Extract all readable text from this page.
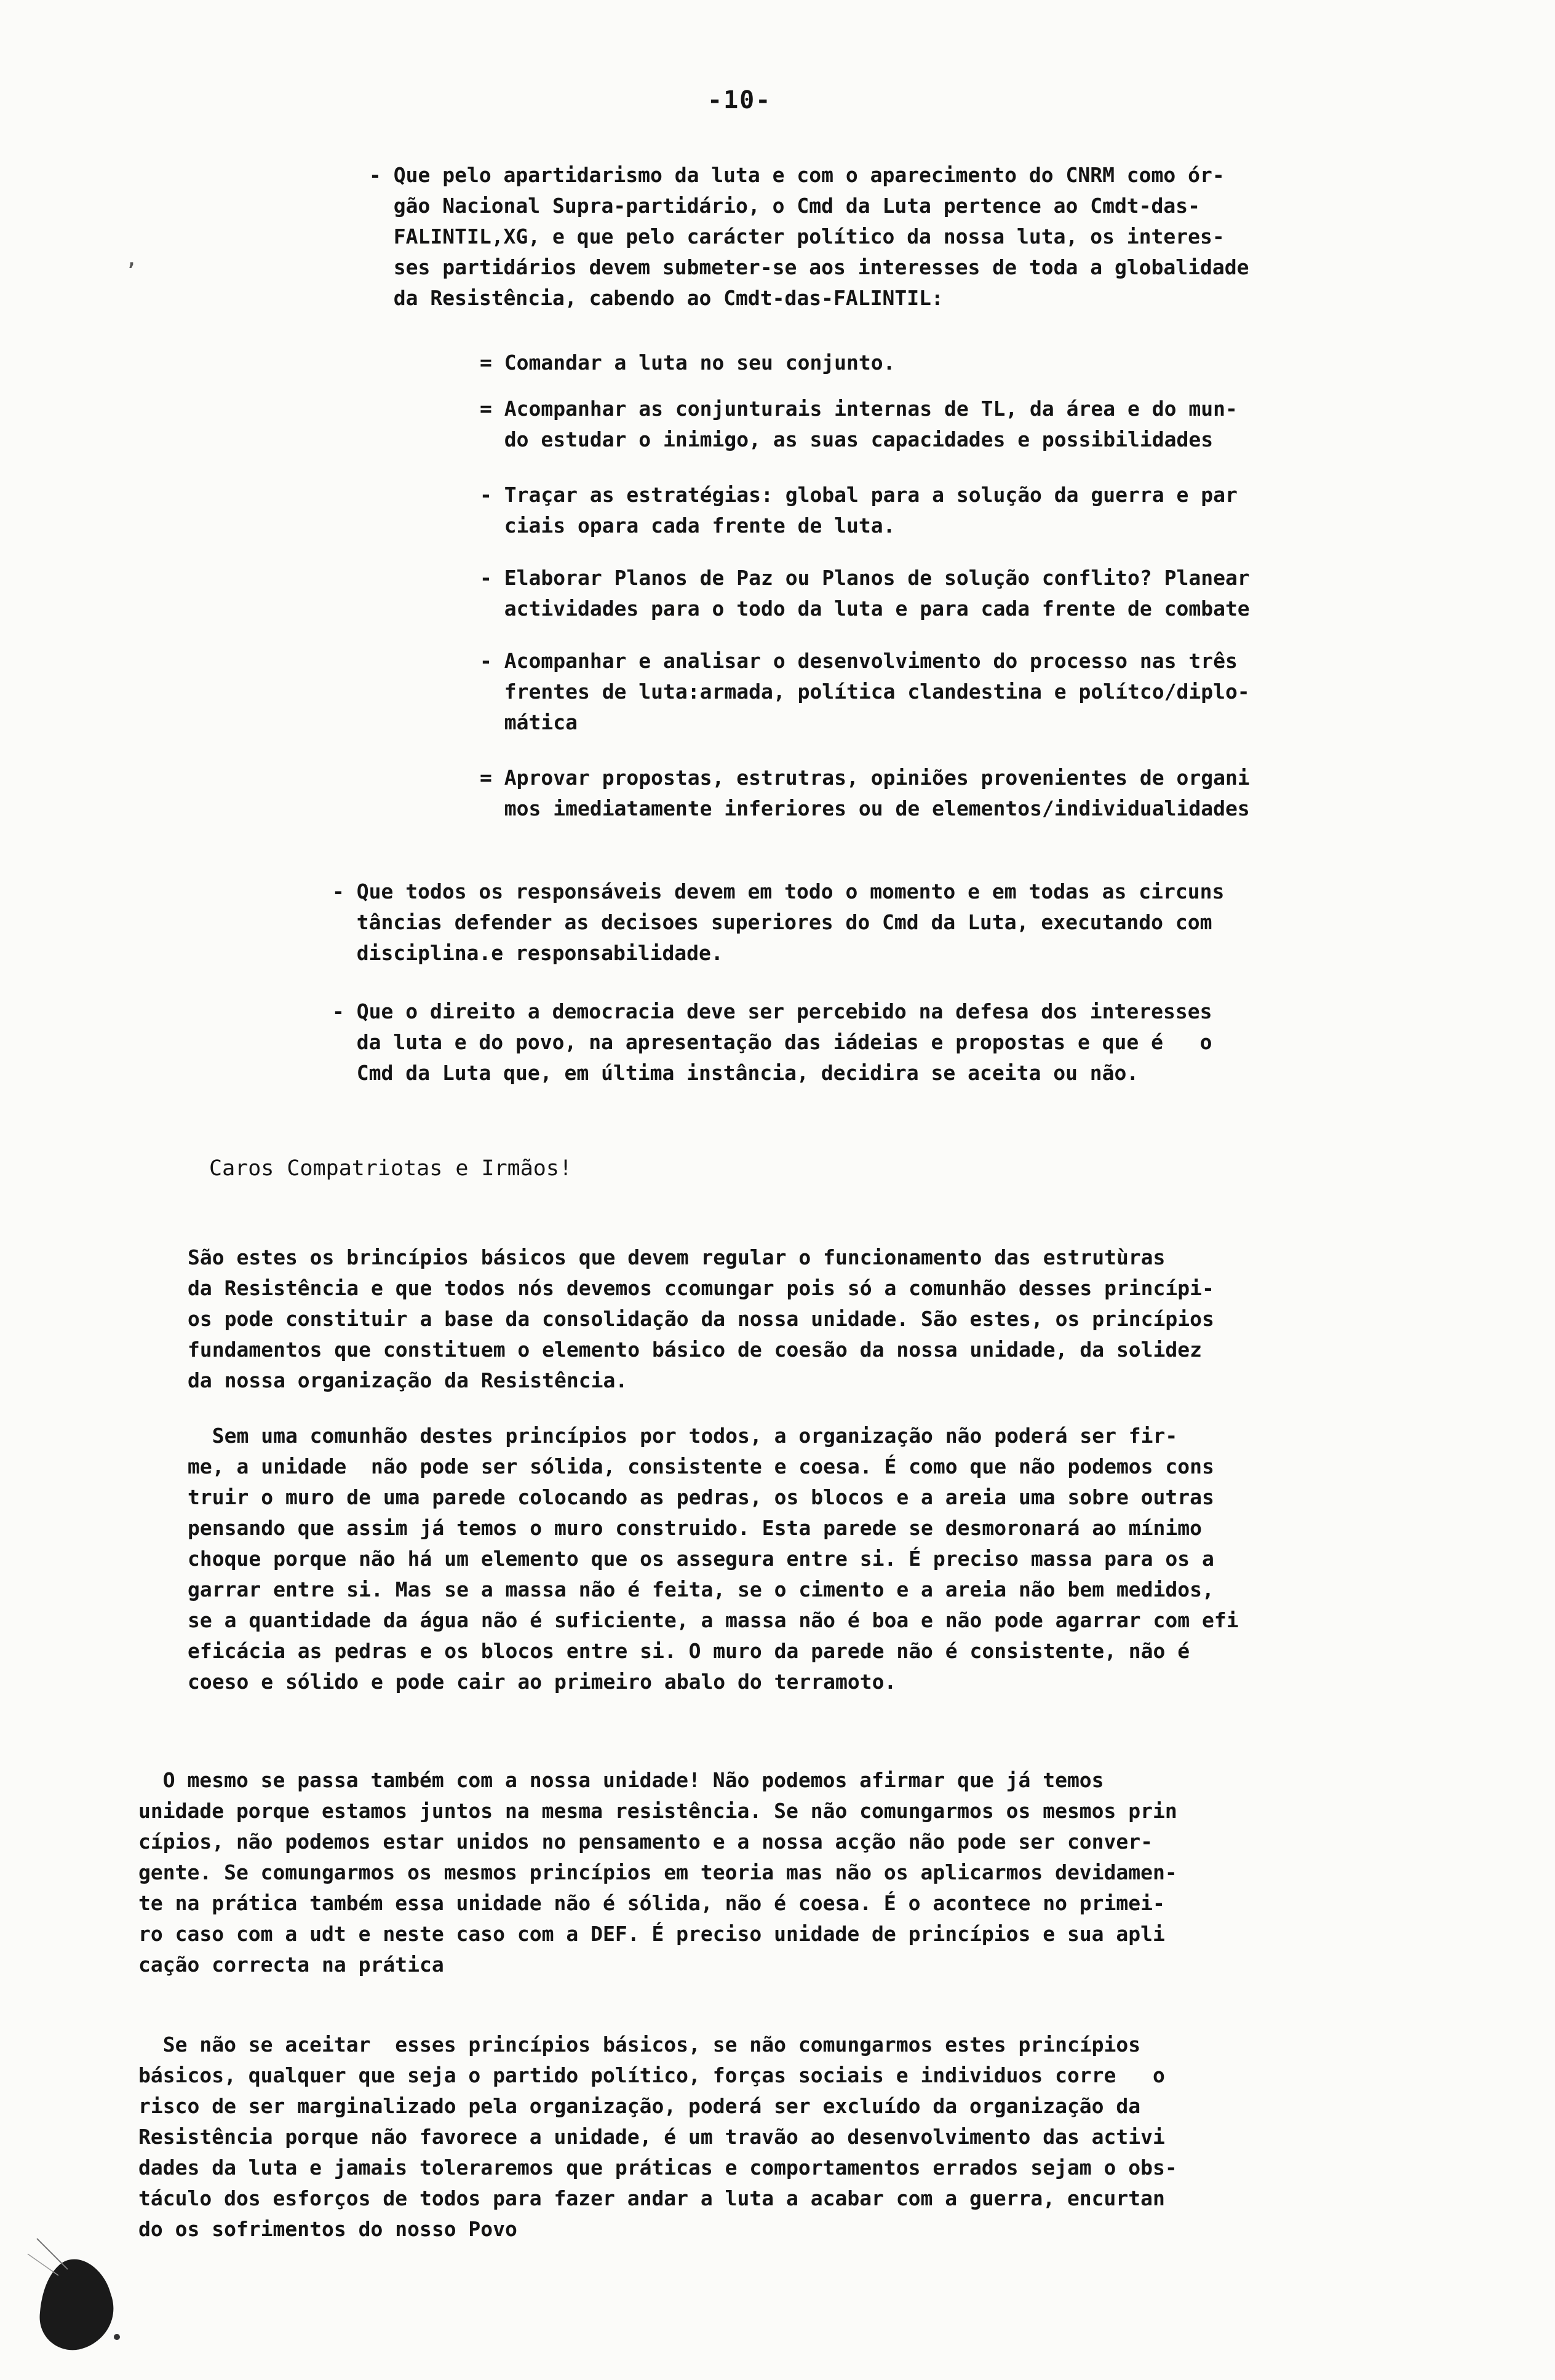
-10-
,
- Que pelo apartidarismo da luta e com o aparecimento do CNRM como ór-
gão Nacional Supra-partidário, o Cmd da Luta pertence ao Cmdt-das-
FALINTIL,XG, e que pelo carácter político da nossa luta, os interes-
ses partidários devem submeter-se aos interesses de toda a globalidade
da Resistência, cabendo ao Cmdt-das-FALINTIL:
= Comandar a luta no seu conjunto.
= Acompanhar as conjunturais internas de TL, da área e do mun-
do estudar o inimigo, as suas capacidades e possibilidades
- Traçar as estratégias: global para a solução da guerra e par
ciais opara cada frente de luta.
- Elaborar Planos de Paz ou Planos de solução conflito? Planear
actividades para o todo da luta e para cada frente de combate
- Acompanhar e analisar o desenvolvimento do processo nas três
frentes de luta:armada, política clandestina e polítco/diplo-
mática
= Aprovar propostas, estrutras, opiniões provenientes de organi
mos imediatamente inferiores ou de elementos/individualidades
- Que todos os responsáveis devem em todo o momento e em todas as circuns
tâncias defender as decisoes superiores do Cmd da Luta, executando com
disciplina.e responsabilidade.
- Que o direito a democracia deve ser percebido na defesa dos interesses
da luta e do povo, na apresentação das iádeias e propostas e que é   o
Cmd da Luta que, em última instância, decidira se aceita ou não.
Caros Compatriotas e Irmãos!
São estes os brincípios básicos que devem regular o funcionamento das estrutùras
da Resistência e que todos nós devemos ccomungar pois só a comunhão desses princípi-
os pode constituir a base da consolidação da nossa unidade. São estes, os princípios
fundamentos que constituem o elemento básico de coesão da nossa unidade, da solidez
da nossa organização da Resistência.
Sem uma comunhão destes princípios por todos, a organização não poderá ser fir-
me, a unidade  não pode ser sólida, consistente e coesa. É como que não podemos cons
truir o muro de uma parede colocando as pedras, os blocos e a areia uma sobre outras
pensando que assim já temos o muro construido. Esta parede se desmoronará ao mínimo
choque porque não há um elemento que os assegura entre si. É preciso massa para os a
garrar entre si. Mas se a massa não é feita, se o cimento e a areia não bem medidos,
se a quantidade da água não é suficiente, a massa não é boa e não pode agarrar com efi
eficácia as pedras e os blocos entre si. O muro da parede não é consistente, não é
coeso e sólido e pode cair ao primeiro abalo do terramoto.
O mesmo se passa também com a nossa unidade! Não podemos afirmar que já temos
unidade porque estamos juntos na mesma resistência. Se não comungarmos os mesmos prin
cípios, não podemos estar unidos no pensamento e a nossa acção não pode ser conver-
gente. Se comungarmos os mesmos princípios em teoria mas não os aplicarmos devidamen-
te na prática também essa unidade não é sólida, não é coesa. É o acontece no primei-
ro caso com a udt e neste caso com a DEF. É preciso unidade de princípios e sua apli
cação correcta na prática
Se não se aceitar  esses princípios básicos, se não comungarmos estes princípios
básicos, qualquer que seja o partido político, forças sociais e individuos corre   o
risco de ser marginalizado pela organização, poderá ser excluído da organização da
Resistência porque não favorece a unidade, é um travão ao desenvolvimento das activi
dades da luta e jamais toleraremos que práticas e comportamentos errados sejam o obs-
táculo dos esforços de todos para fazer andar a luta a acabar com a guerra, encurtan
do os sofrimentos do nosso Povo
